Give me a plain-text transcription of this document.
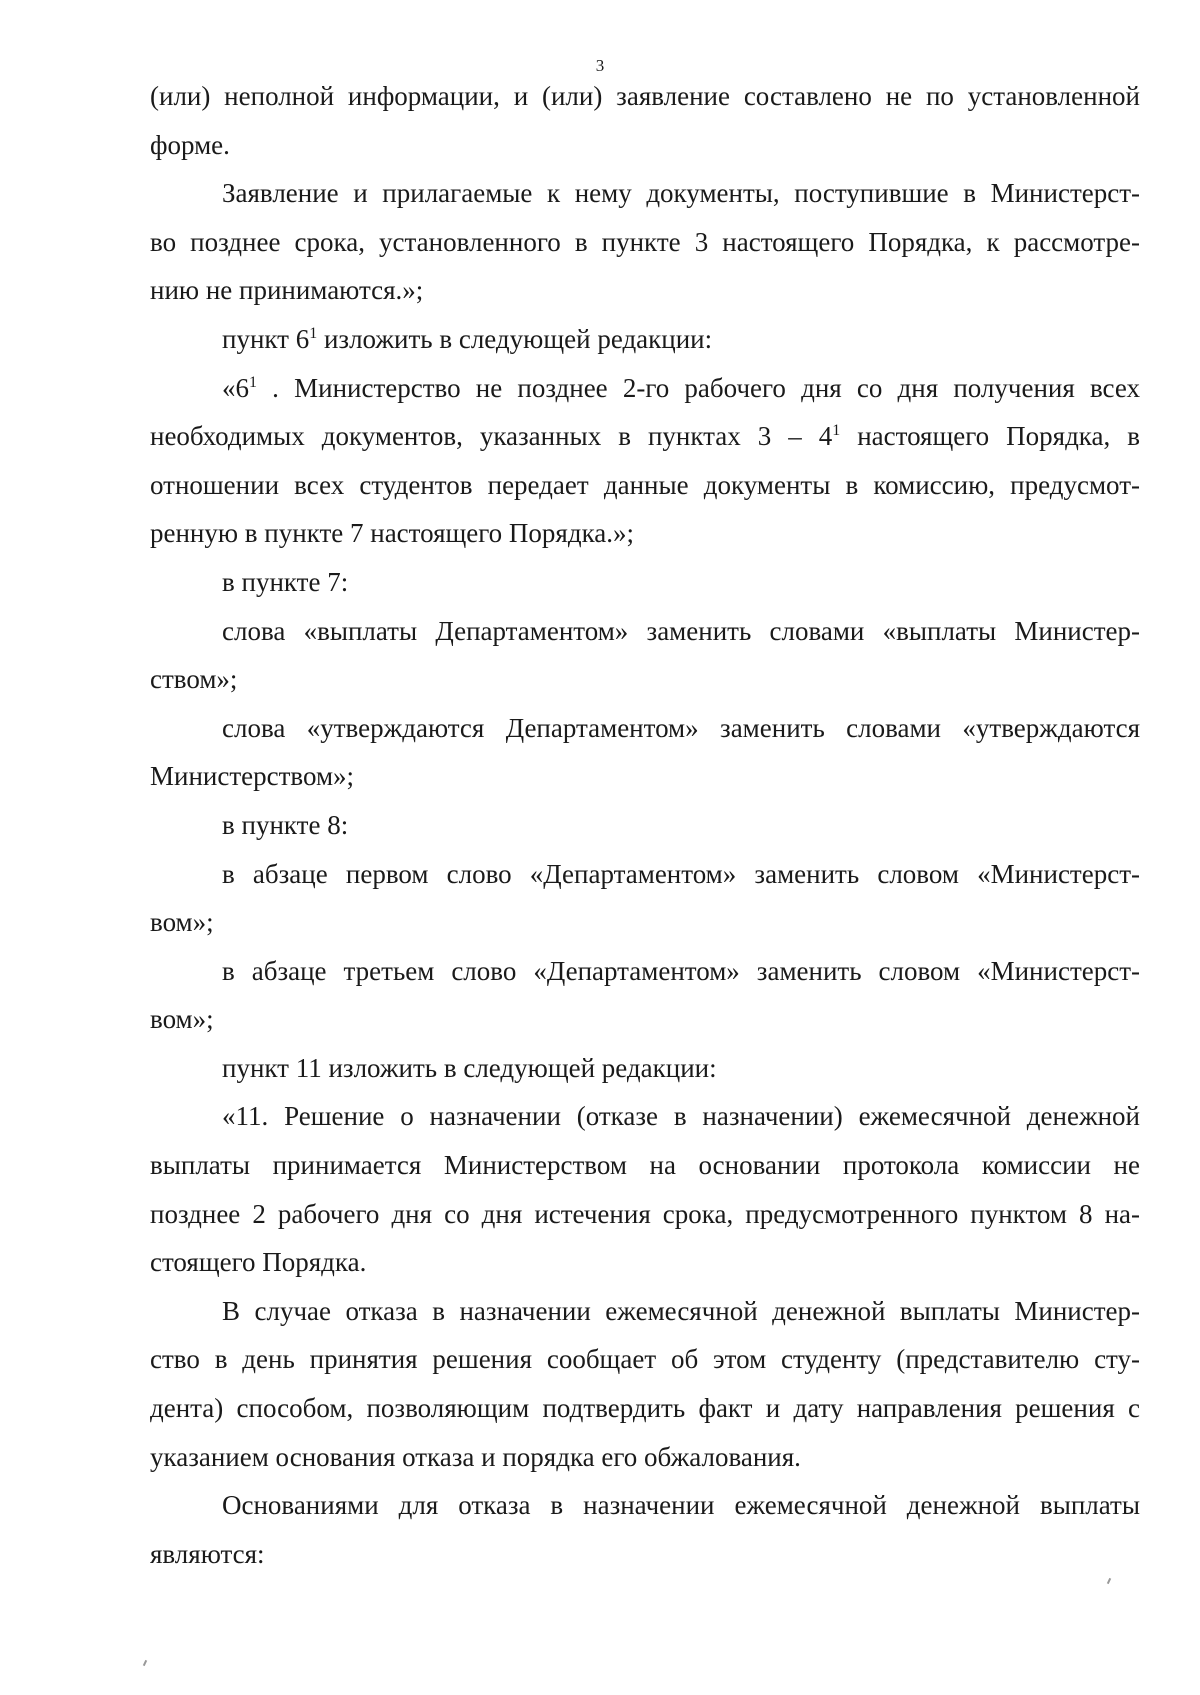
3

(или) неполной информации, и (или) заявление составлено не по установленной
форме.

Заявление и прилагаемые к нему документы, поступившие в Министерст-
во позднее срока, установленного в пункте 3 настоящего Порядка, к рассмотре-
нию не принимаются.»;

пункт $6^1$ изложить в следующей редакции:

«$6^1$ . Министерство не позднее 2-го рабочего дня со дня получения всех
необходимых документов, указанных в пунктах $3 - 4^1$ настоящего Порядка, в
отношении всех студентов передает данные документы в комиссию, предусмот-
ренную в пункте 7 настоящего Порядка.»;

в пункте 7:

слова «выплаты Департаментом» заменить словами «выплаты Министер-
ством»;

слова «утверждаются Департаментом» заменить словами «утверждаются
Министерством»;

в пункте 8:

в абзаце первом слово «Департаментом» заменить словом «Министерст-
вом»;

в абзаце третьем слово «Департаментом» заменить словом «Министерст-
вом»;

пункт 11 изложить в следующей редакции:

«11. Решение о назначении (отказе в назначении) ежемесячной денежной
выплаты принимается Министерством на основании протокола комиссии не
позднее 2 рабочего дня со дня истечения срока, предусмотренного пунктом 8 на-
стоящего Порядка.

В случае отказа в назначении ежемесячной денежной выплаты Министер-
ство в день принятия решения сообщает об этом студенту (представителю сту-
дента) способом, позволяющим подтвердить факт и дату направления решения с
указанием основания отказа и порядка его обжалования.

Основаниями для отказа в назначении ежемесячной денежной выплаты
являются:
